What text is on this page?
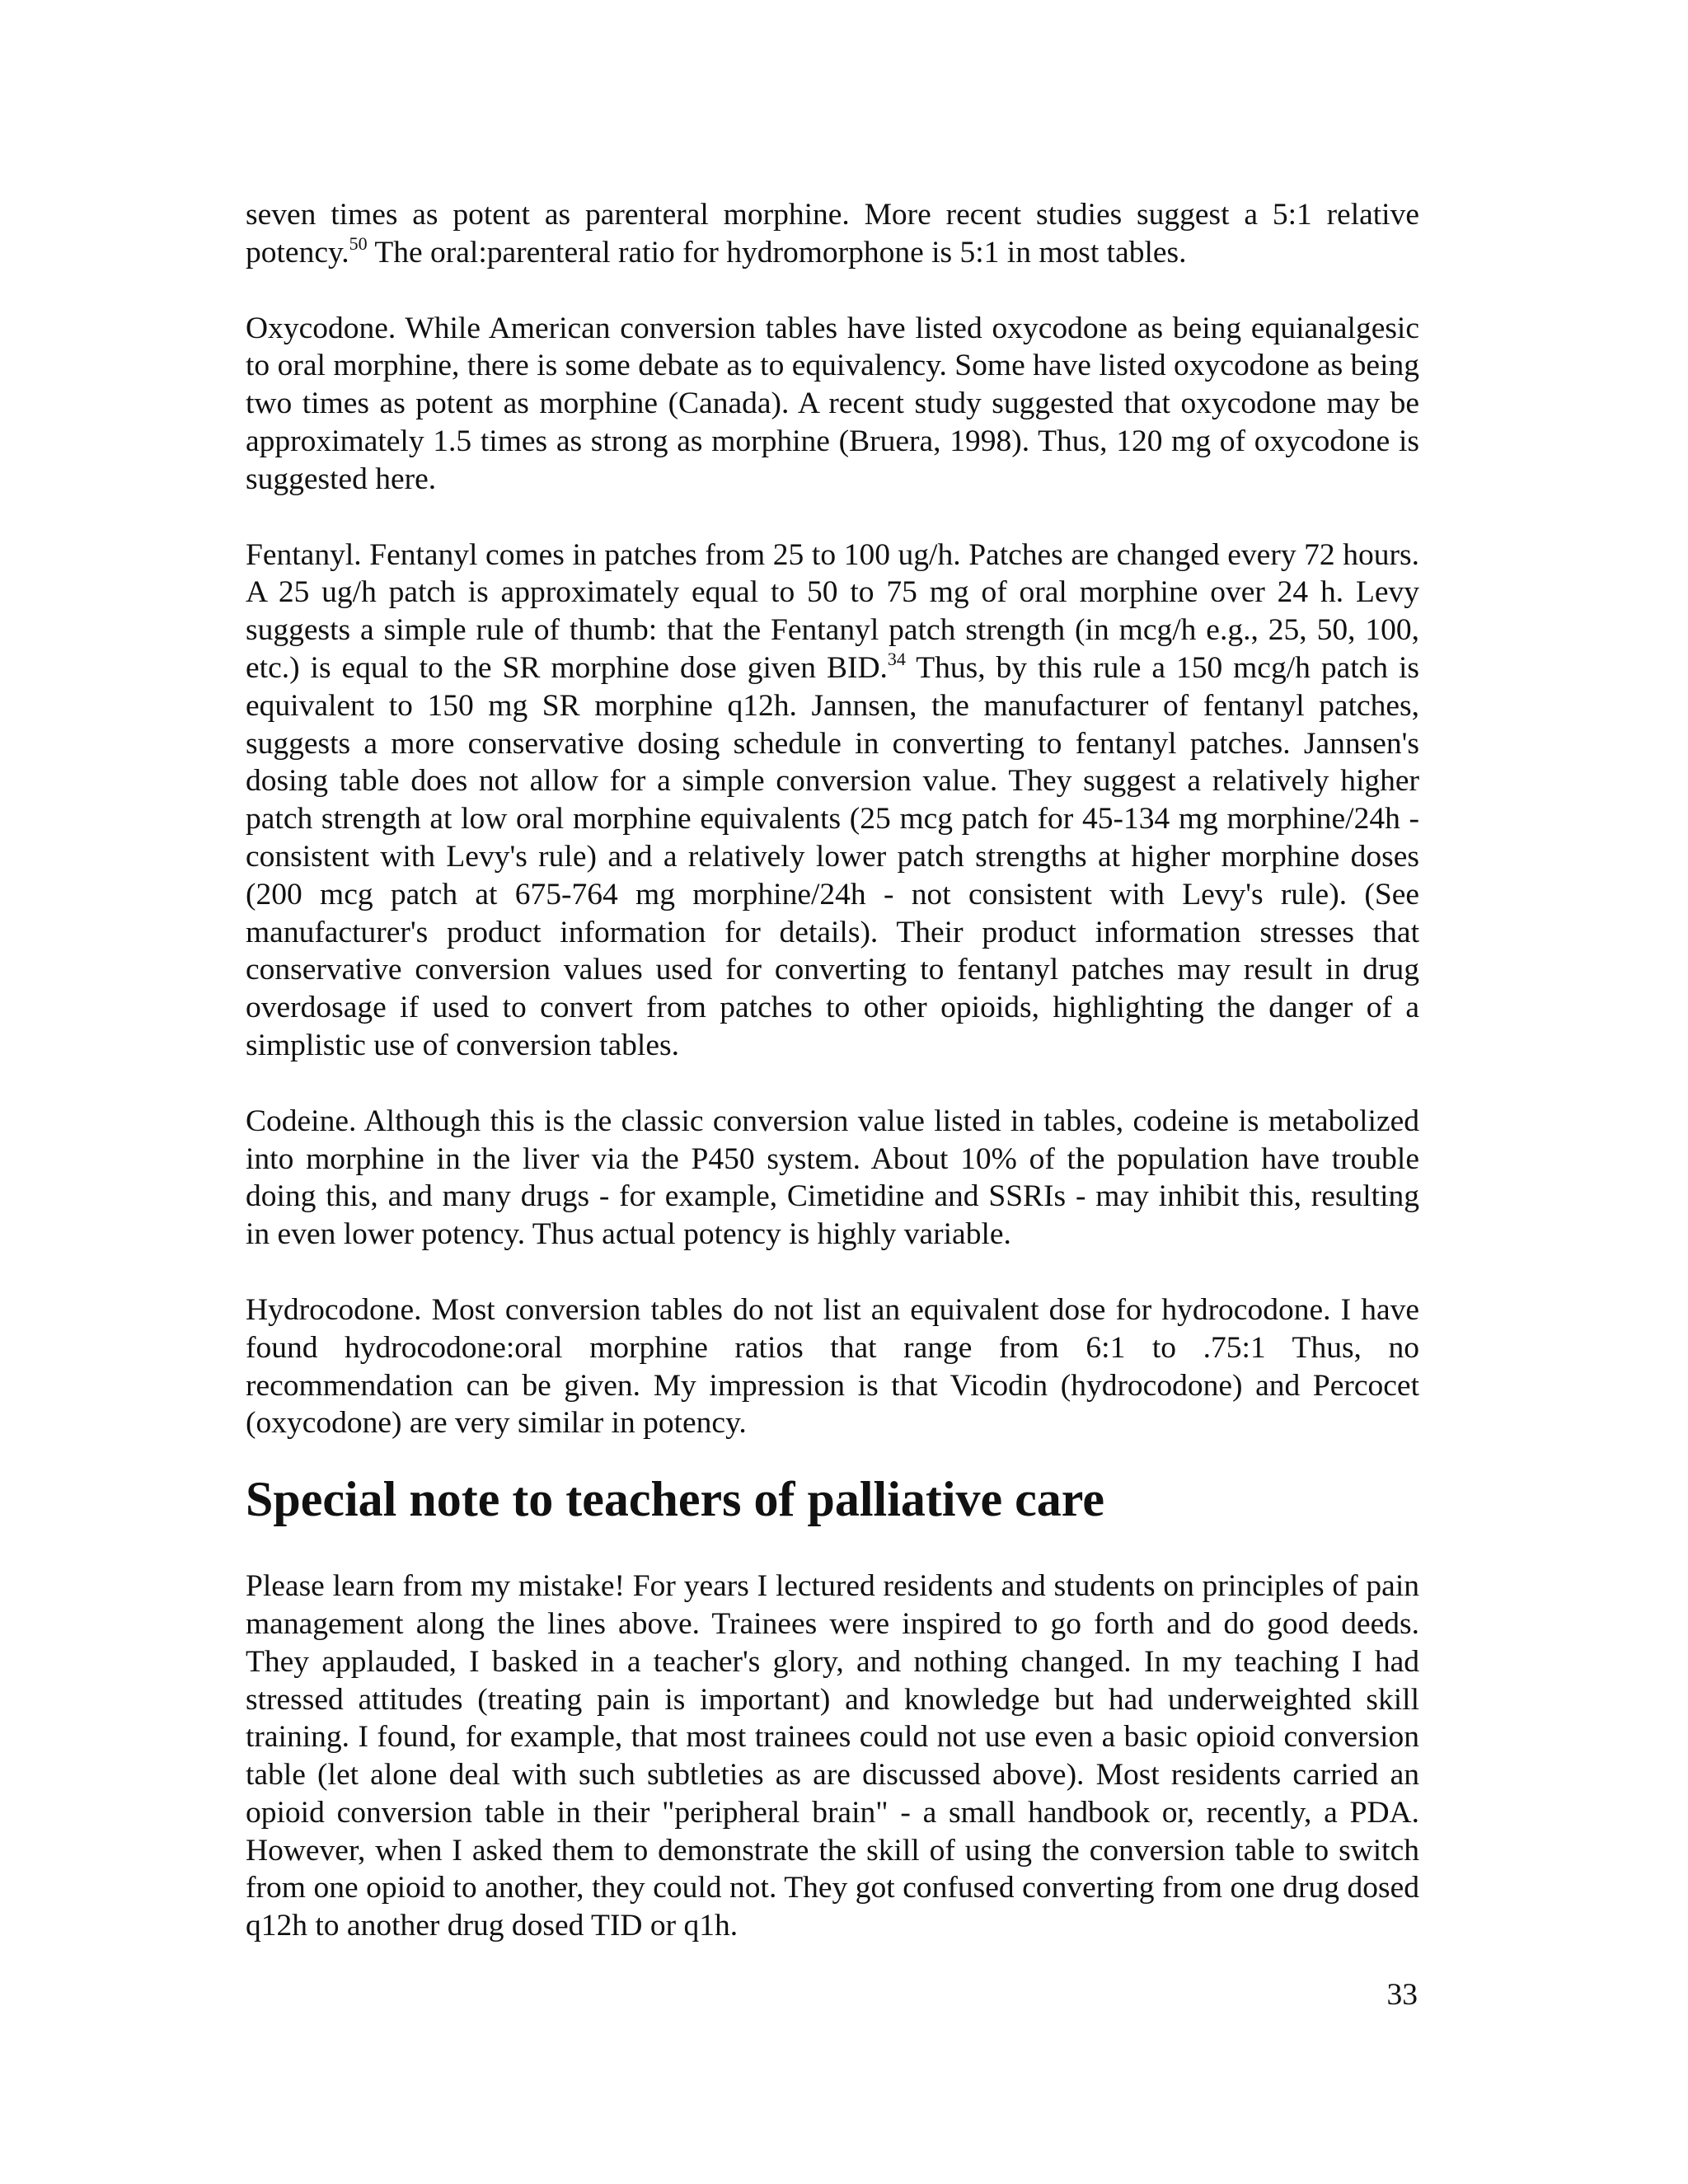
seven times as potent as parenteral morphine. More recent studies suggest a 5:1 relative potency.$^{50}$ The oral:parenteral ratio for hydromorphone is 5:1 in most tables.

Oxycodone. While American conversion tables have listed oxycodone as being equianalgesic to oral morphine, there is some debate as to equivalency. Some have listed oxycodone as being two times as potent as morphine (Canada). A recent study suggested that oxycodone may be approximately 1.5 times as strong as morphine (Bruera, 1998). Thus, 120 mg of oxycodone is suggested here.

Fentanyl. Fentanyl comes in patches from 25 to 100 ug/h. Patches are changed every 72 hours. A 25 ug/h patch is approximately equal to 50 to 75 mg of oral morphine over 24 h. Levy suggests a simple rule of thumb: that the Fentanyl patch strength (in mcg/h e.g., 25, 50, 100, etc.) is equal to the SR morphine dose given BID.$^{34}$ Thus, by this rule a 150 mcg/h patch is equivalent to 150 mg SR morphine q12h. Jannsen, the manufacturer of fentanyl patches, suggests a more conservative dosing schedule in converting to fentanyl patches. Jannsen's dosing table does not allow for a simple conversion value. They suggest a relatively higher patch strength at low oral morphine equivalents (25 mcg patch for 45-134 mg morphine/24h - consistent with Levy's rule) and a relatively lower patch strengths at higher morphine doses (200 mcg patch at 675-764 mg morphine/24h - not consistent with Levy's rule). (See manufacturer's product information for details). Their product information stresses that conservative conversion values used for converting to fentanyl patches may result in drug overdosage if used to convert from patches to other opioids, highlighting the danger of a simplistic use of conversion tables.

Codeine. Although this is the classic conversion value listed in tables, codeine is metabolized into morphine in the liver via the P450 system. About 10% of the population have trouble doing this, and many drugs - for example, Cimetidine and SSRIs - may inhibit this, resulting in even lower potency. Thus actual potency is highly variable.

Hydrocodone. Most conversion tables do not list an equivalent dose for hydrocodone. I have found hydrocodone:oral morphine ratios that range from 6:1 to .75:1 Thus, no recommendation can be given. My impression is that Vicodin (hydrocodone) and Percocet (oxycodone) are very similar in potency.

Special note to teachers of palliative care

Please learn from my mistake! For years I lectured residents and students on principles of pain management along the lines above. Trainees were inspired to go forth and do good deeds. They applauded, I basked in a teacher's glory, and nothing changed. In my teaching I had stressed attitudes (treating pain is important) and knowledge but had underweighted skill training. I found, for example, that most trainees could not use even a basic opioid conversion table (let alone deal with such subtleties as are discussed above). Most residents carried an opioid conversion table in their "peripheral brain" - a small handbook or, recently, a PDA. However, when I asked them to demonstrate the skill of using the conversion table to switch from one opioid to another, they could not. They got confused converting from one drug dosed q12h to another drug dosed TID or q1h.

33
